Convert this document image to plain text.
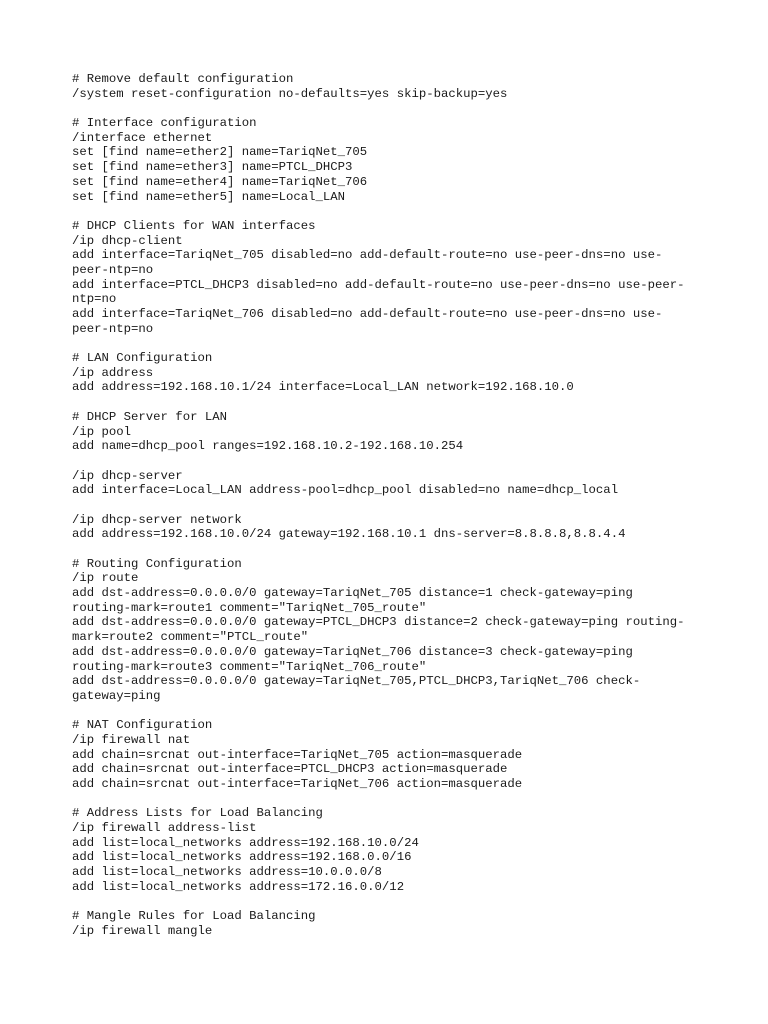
# Remove default configuration
/system reset-configuration no-defaults=yes skip-backup=yes
# Interface configuration
/interface ethernet
set [find name=ether2] name=TariqNet_705
set [find name=ether3] name=PTCL_DHCP3
set [find name=ether4] name=TariqNet_706
set [find name=ether5] name=Local_LAN
# DHCP Clients for WAN interfaces
/ip dhcp-client
add interface=TariqNet_705 disabled=no add-default-route=no use-peer-dns=no use-
peer-ntp=no
add interface=PTCL_DHCP3 disabled=no add-default-route=no use-peer-dns=no use-peer-
ntp=no
add interface=TariqNet_706 disabled=no add-default-route=no use-peer-dns=no use-
peer-ntp=no
# LAN Configuration
/ip address
add address=192.168.10.1/24 interface=Local_LAN network=192.168.10.0
# DHCP Server for LAN
/ip pool
add name=dhcp_pool ranges=192.168.10.2-192.168.10.254
/ip dhcp-server
add interface=Local_LAN address-pool=dhcp_pool disabled=no name=dhcp_local
/ip dhcp-server network
add address=192.168.10.0/24 gateway=192.168.10.1 dns-server=8.8.8.8,8.8.4.4
# Routing Configuration
/ip route
add dst-address=0.0.0.0/0 gateway=TariqNet_705 distance=1 check-gateway=ping
routing-mark=route1 comment="TariqNet_705_route"
add dst-address=0.0.0.0/0 gateway=PTCL_DHCP3 distance=2 check-gateway=ping routing-
mark=route2 comment="PTCL_route"
add dst-address=0.0.0.0/0 gateway=TariqNet_706 distance=3 check-gateway=ping
routing-mark=route3 comment="TariqNet_706_route"
add dst-address=0.0.0.0/0 gateway=TariqNet_705,PTCL_DHCP3,TariqNet_706 check-
gateway=ping
# NAT Configuration
/ip firewall nat
add chain=srcnat out-interface=TariqNet_705 action=masquerade
add chain=srcnat out-interface=PTCL_DHCP3 action=masquerade
add chain=srcnat out-interface=TariqNet_706 action=masquerade
# Address Lists for Load Balancing
/ip firewall address-list
add list=local_networks address=192.168.10.0/24
add list=local_networks address=192.168.0.0/16
add list=local_networks address=10.0.0.0/8
add list=local_networks address=172.16.0.0/12
# Mangle Rules for Load Balancing
/ip firewall mangle
